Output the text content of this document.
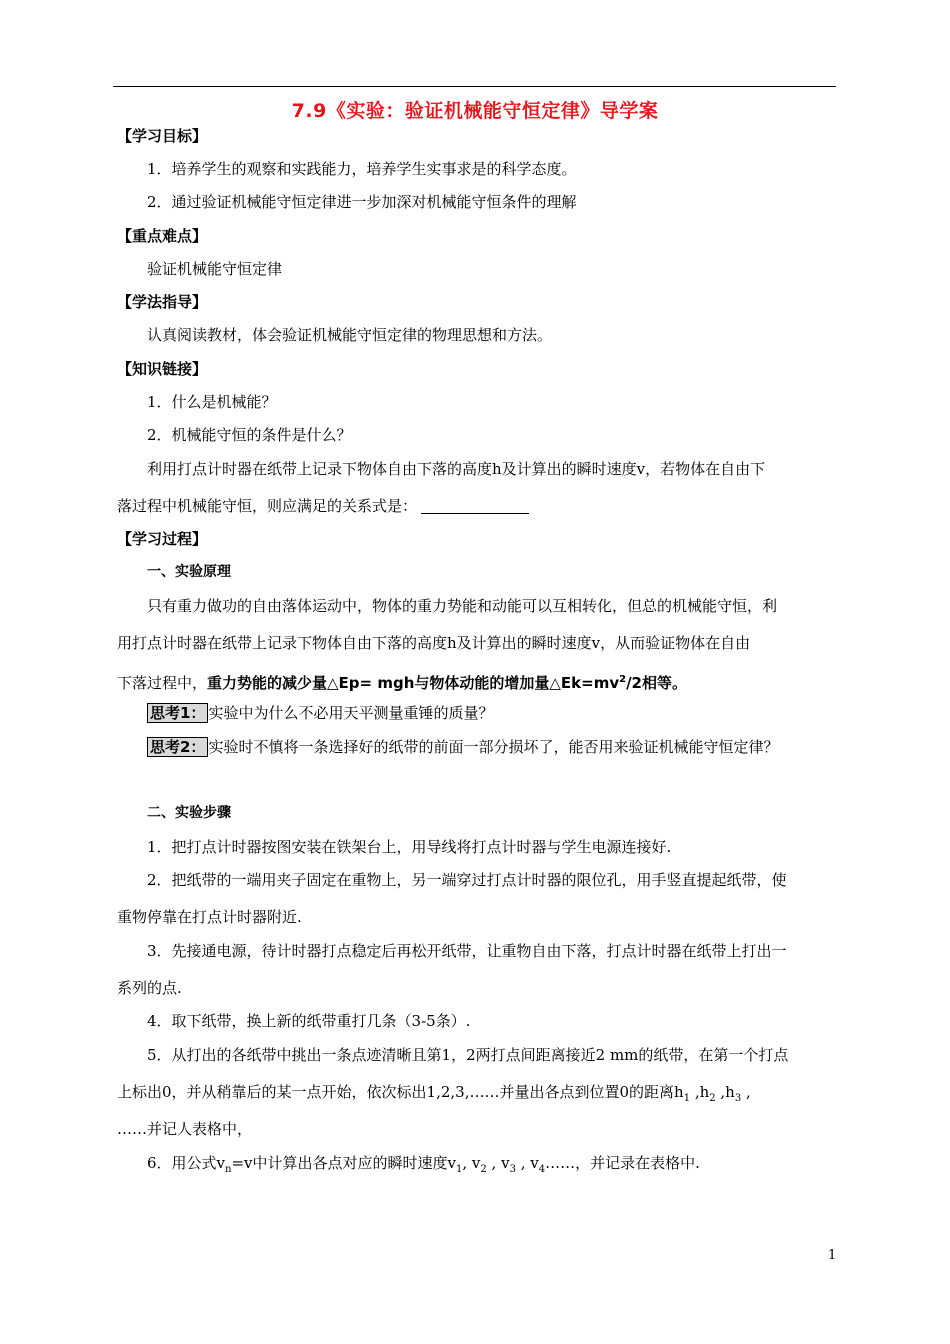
7.9《实验：验证机械能守恒定律》导学案
【学习目标】
1．培养学生的观察和实践能力，培养学生实事求是的科学态度。
2．通过验证机械能守恒定律进一步加深对机械能守恒条件的理解
【重点难点】
验证机械能守恒定律
【学法指导】
认真阅读教材，体会验证机械能守恒定律的物理思想和方法。
【知识链接】
1．什么是机械能？
2．机械能守恒的条件是什么？
利用打点计时器在纸带上记录下物体自由下落的高度h及计算出的瞬时速度v，若物体在自由下
落过程中机械能守恒，则应满足的关系式是：
【学习过程】
一、实验原理
只有重力做功的自由落体运动中，物体的重力势能和动能可以互相转化，但总的机械能守恒，利
用打点计时器在纸带上记录下物体自由下落的高度h及计算出的瞬时速度v，从而验证物体在自由
下落过程中，重力势能的减少量△Ep= mgh与物体动能的增加量$\triangle Ek=mv^2/2$相等。
思考1： 实验中为什么不必用天平测量重锤的质量？
思考2： 实验时不慎将一条选择好的纸带的前面一部分损坏了，能否用来验证机械能守恒定律？
二、实验步骤
1．把打点计时器按图安装在铁架台上，用导线将打点计时器与学生电源连接好.
2．把纸带的一端用夹子固定在重物上，另一端穿过打点计时器的限位孔，用手竖直提起纸带，使
重物停靠在打点计时器附近.
3．先接通电源，待计时器打点稳定后再松开纸带，让重物自由下落，打点计时器在纸带上打出一
系列的点.
4．取下纸带，换上新的纸带重打几条（3-5条）.
5．从打出的各纸带中挑出一条点迹清晰且第1，2两打点间距离接近2 mm的纸带，在第一个打点
上标出0，并从稍靠后的某一点开始，依次标出1,2,3,……并量出各点到位置0的距离$h_1$ $,h_2$ $,h_3$ ,
……并记人表格中，
6．用公式$v_n=v$中计算出各点对应的瞬时速度$v_1$, $v_2$ , $v_3$ , $v_4\dots\dots$，并记录在表格中.
1
